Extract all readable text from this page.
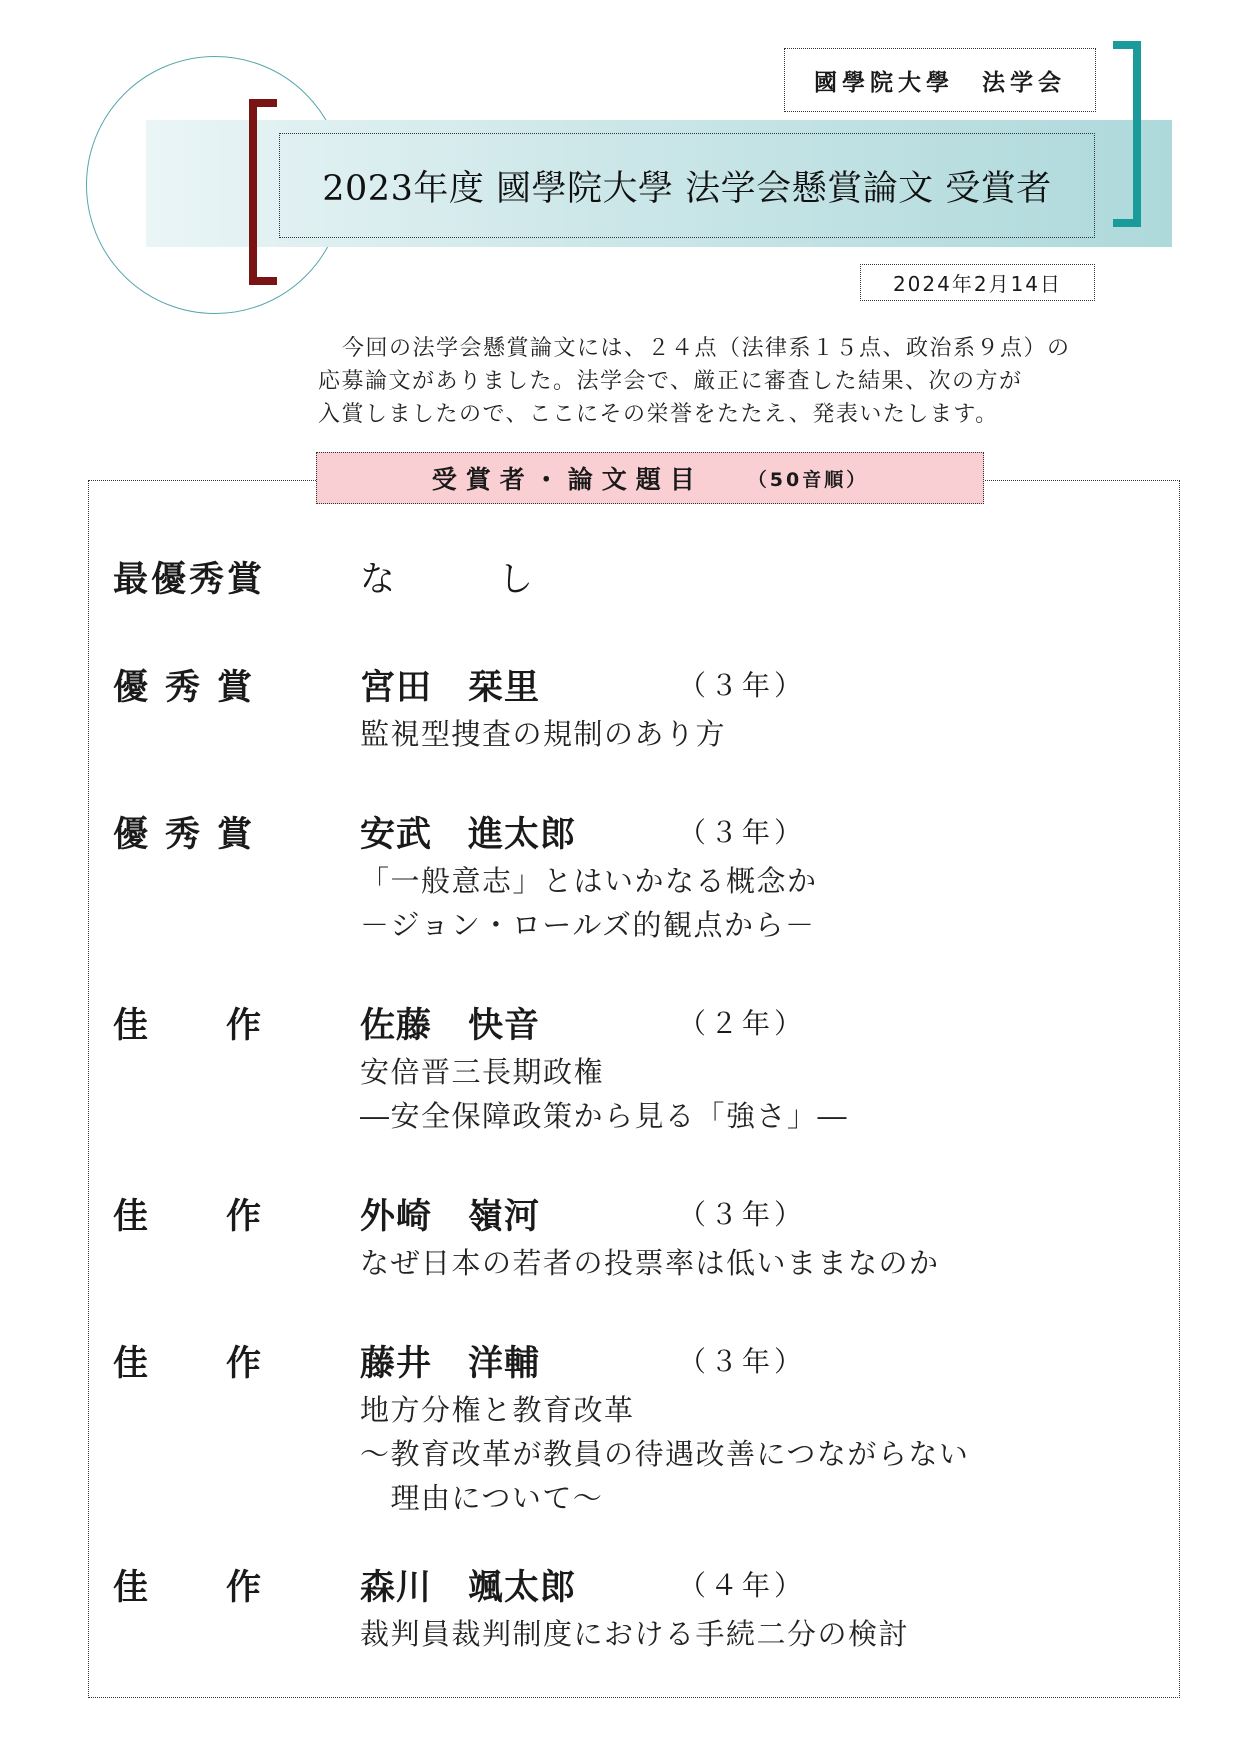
國學院大學　法学会
2023年度 國學院大學 法学会懸賞論文 受賞者
2024年2月14日

今回の法学会懸賞論文には、２４点（法律系１５点、政治系９点）の

応募論文がありました。法学会で、厳正に審査した結果、次の方が

入賞しましたので、ここにその栄誉をたたえ、発表いたします。

受賞者・論文題目 （50音順）
最優秀賞	な し
優秀賞	宮田　栞里	（３年）
監視型捜査の規制のあり方
優秀賞	安武　進太郎	（３年）
「一般意志」とはいかなる概念か
－ジョン・ロールズ的観点から－
佳作 佐藤　快音	（２年）
安倍晋三長期政権
―安全保障政策から見る「強さ」―
佳作 外崎　嶺河	（３年）
なぜ日本の若者の投票率は低いままなのか
佳作 藤井　洋輔	（３年）
地方分権と教育改革
～教育改革が教員の待遇改善につながらない
　理由について～
佳作 森川　颯太郎	（４年）
裁判員裁判制度における手続二分の検討
